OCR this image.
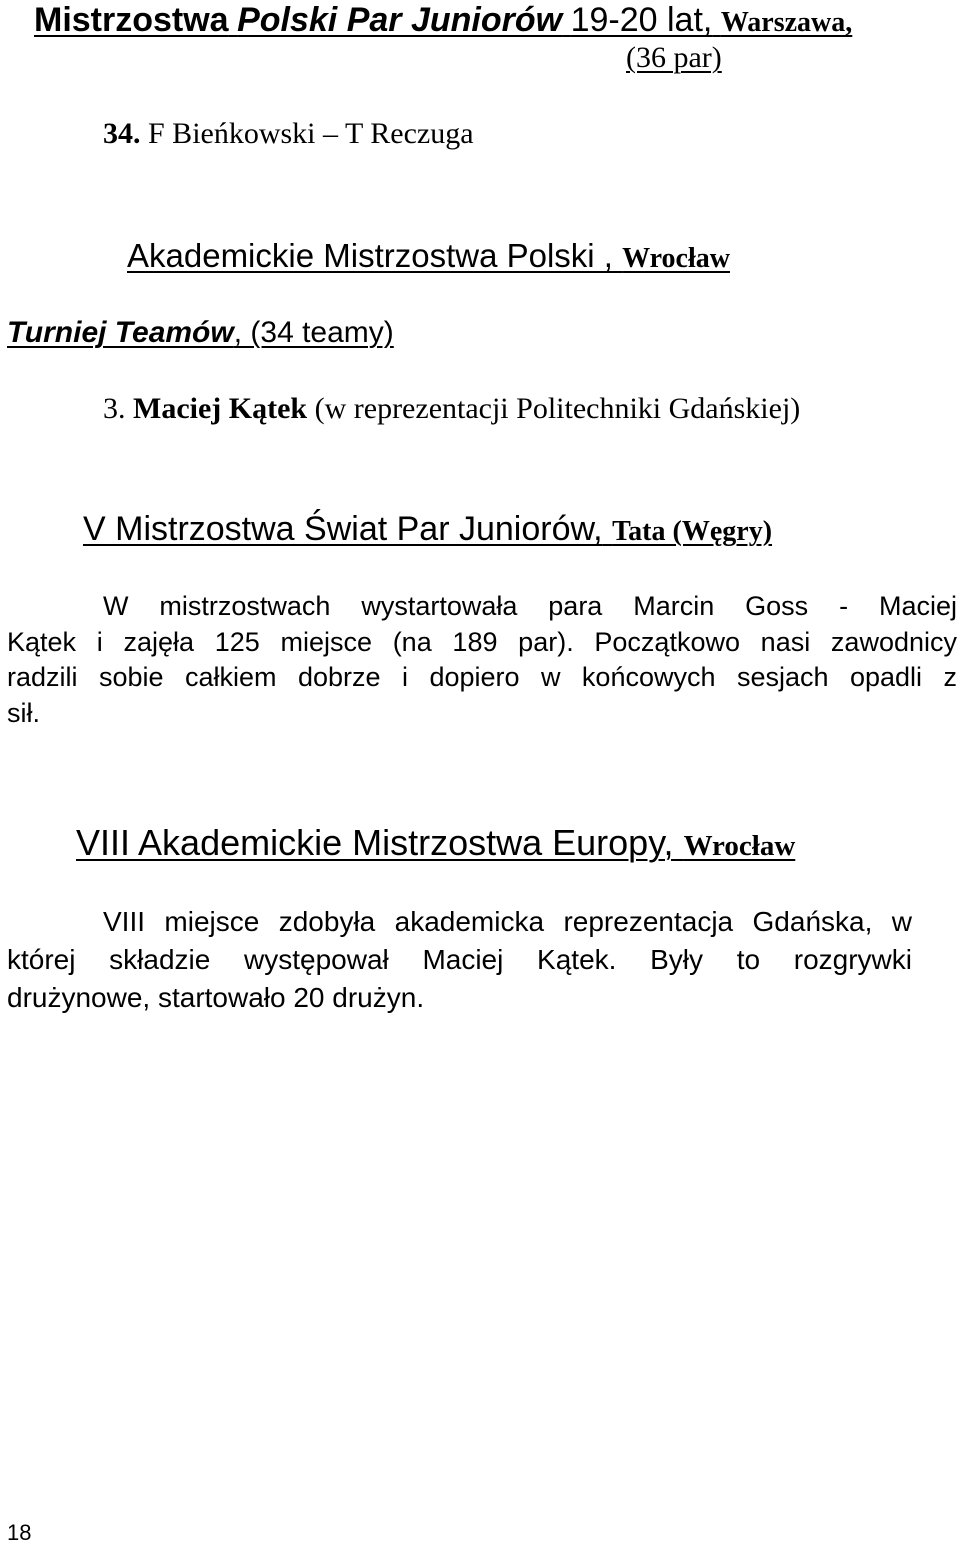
Mistrzostwa Polski Par Juniorów 19-20 lat, Warszawa,
(36 par)
34. F Bieńkowski – T Reczuga
Akademickie Mistrzostwa Polski , Wrocław
Turniej Teamów, (34 teamy)
3. Maciej Kątek (w reprezentacji Politechniki Gdańskiej)
V Mistrzostwa Świat Par Juniorów, Tata (Węgry)
W mistrzostwach wystartowała para Marcin Goss - Maciej
Kątek i zajęła 125 miejsce (na 189 par). Początkowo nasi zawodnicy
radzili sobie całkiem dobrze i dopiero w końcowych sesjach opadli z
sił.
VIII Akademickie Mistrzostwa Europy, Wrocław
VIII miejsce zdobyła akademicka reprezentacja Gdańska, w
której składzie występował Maciej Kątek. Były to rozgrywki
drużynowe, startowało 20 drużyn.
18
